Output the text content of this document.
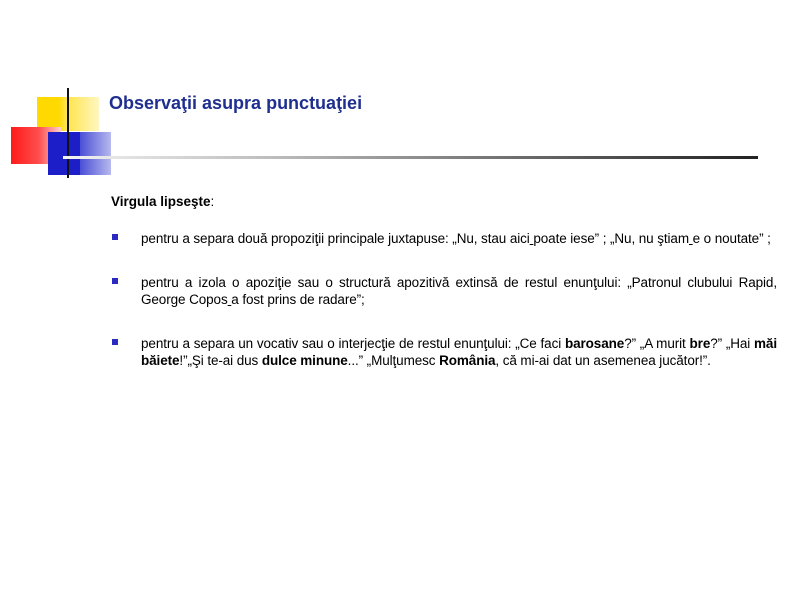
Observaţii asupra punctuaţiei
Virgula lipseşte:
pentru a separa două propoziţii principale juxtapuse: „Nu, stau aici poate iese” ; „Nu, nu ştiam e o noutate” ;
pentru a izola o apoziţie sau o structură apozitivă extinsă de restul enunţului: „Patronul clubului Rapid, George Copos a fost prins de radare”;
pentru a separa un vocativ sau o interjecţie de restul enunţului: „Ce faci barosane?” „A murit bre?” „Hai măi băiete!”„Şi te-ai dus dulce minune...” „Mulţumesc România, că mi-ai dat un asemenea jucător!”.
